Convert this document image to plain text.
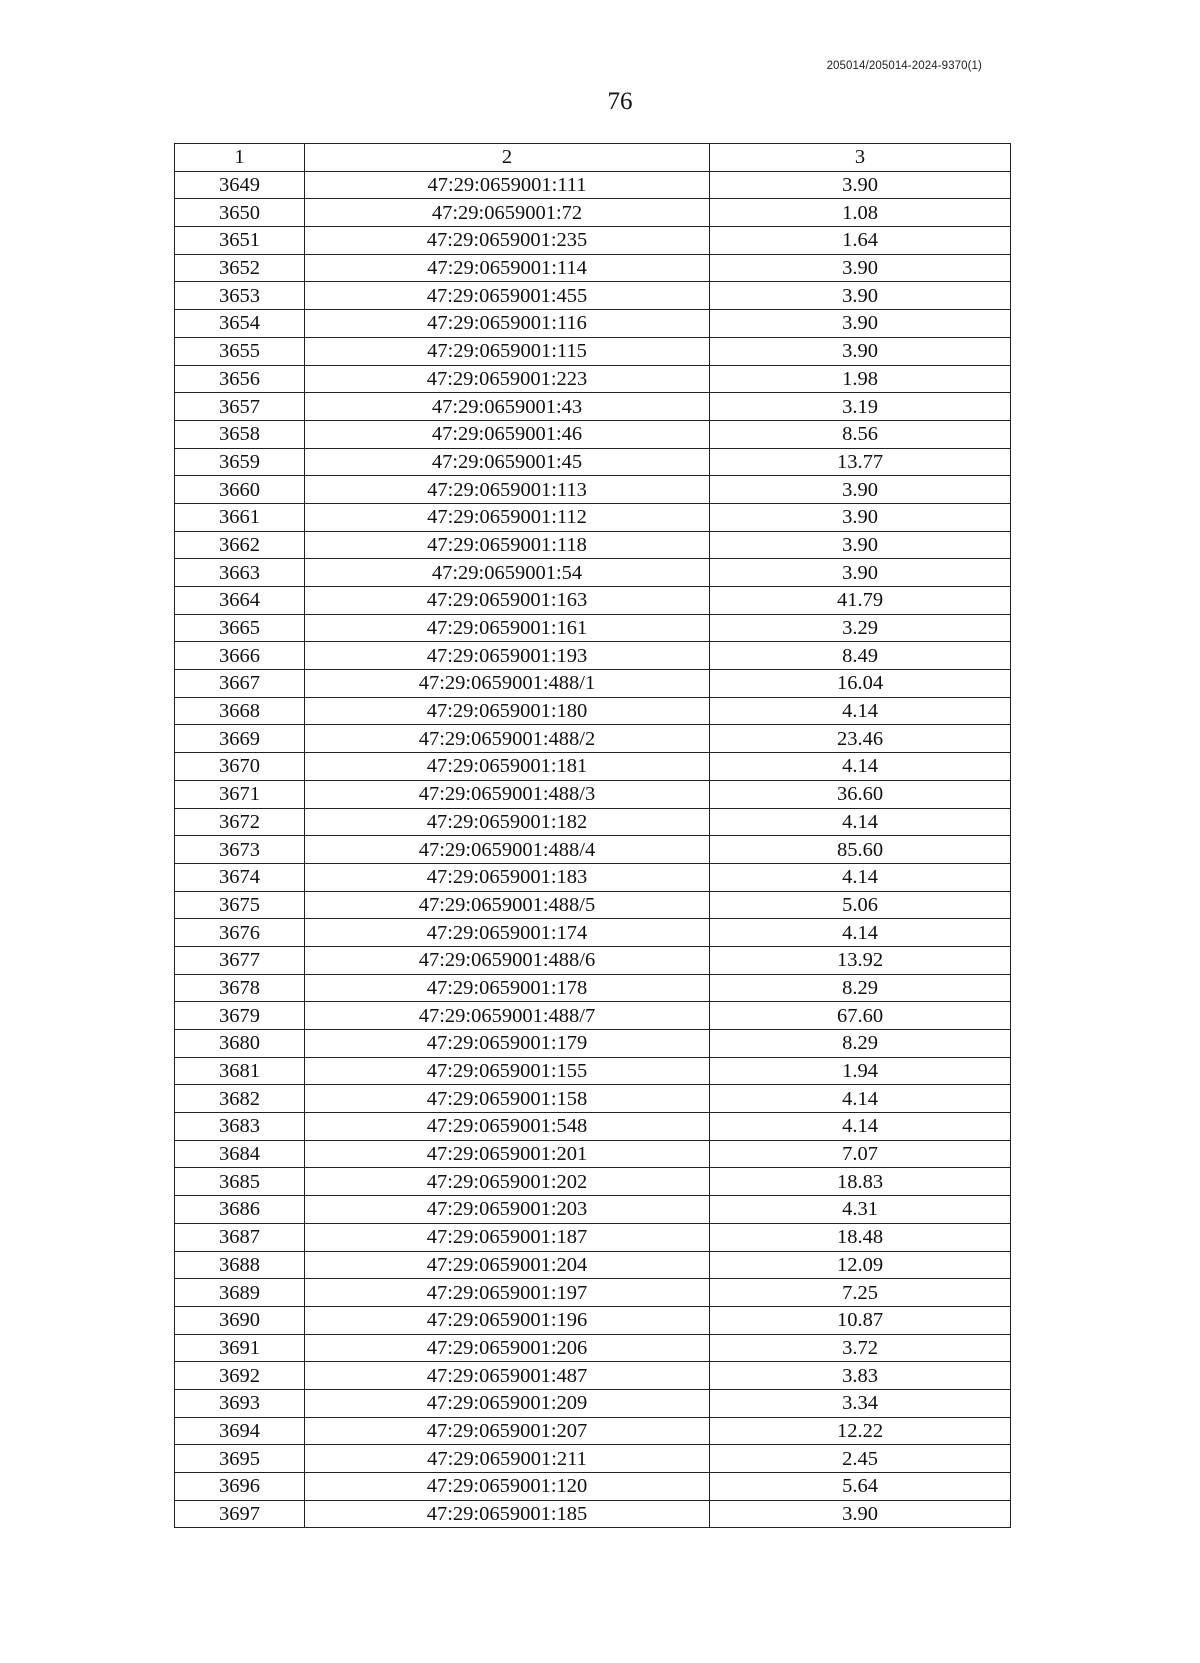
205014/205014-2024-9370(1)
76
1	2	3
3649	47:29:0659001:111	3.90
3650	47:29:0659001:72	1.08
3651	47:29:0659001:235	1.64
3652	47:29:0659001:114	3.90
3653	47:29:0659001:455	3.90
3654	47:29:0659001:116	3.90
3655	47:29:0659001:115	3.90
3656	47:29:0659001:223	1.98
3657	47:29:0659001:43	3.19
3658	47:29:0659001:46	8.56
3659	47:29:0659001:45	13.77
3660	47:29:0659001:113	3.90
3661	47:29:0659001:112	3.90
3662	47:29:0659001:118	3.90
3663	47:29:0659001:54	3.90
3664	47:29:0659001:163	41.79
3665	47:29:0659001:161	3.29
3666	47:29:0659001:193	8.49
3667	47:29:0659001:488/1	16.04
3668	47:29:0659001:180	4.14
3669	47:29:0659001:488/2	23.46
3670	47:29:0659001:181	4.14
3671	47:29:0659001:488/3	36.60
3672	47:29:0659001:182	4.14
3673	47:29:0659001:488/4	85.60
3674	47:29:0659001:183	4.14
3675	47:29:0659001:488/5	5.06
3676	47:29:0659001:174	4.14
3677	47:29:0659001:488/6	13.92
3678	47:29:0659001:178	8.29
3679	47:29:0659001:488/7	67.60
3680	47:29:0659001:179	8.29
3681	47:29:0659001:155	1.94
3682	47:29:0659001:158	4.14
3683	47:29:0659001:548	4.14
3684	47:29:0659001:201	7.07
3685	47:29:0659001:202	18.83
3686	47:29:0659001:203	4.31
3687	47:29:0659001:187	18.48
3688	47:29:0659001:204	12.09
3689	47:29:0659001:197	7.25
3690	47:29:0659001:196	10.87
3691	47:29:0659001:206	3.72
3692	47:29:0659001:487	3.83
3693	47:29:0659001:209	3.34
3694	47:29:0659001:207	12.22
3695	47:29:0659001:211	2.45
3696	47:29:0659001:120	5.64
3697	47:29:0659001:185	3.90
